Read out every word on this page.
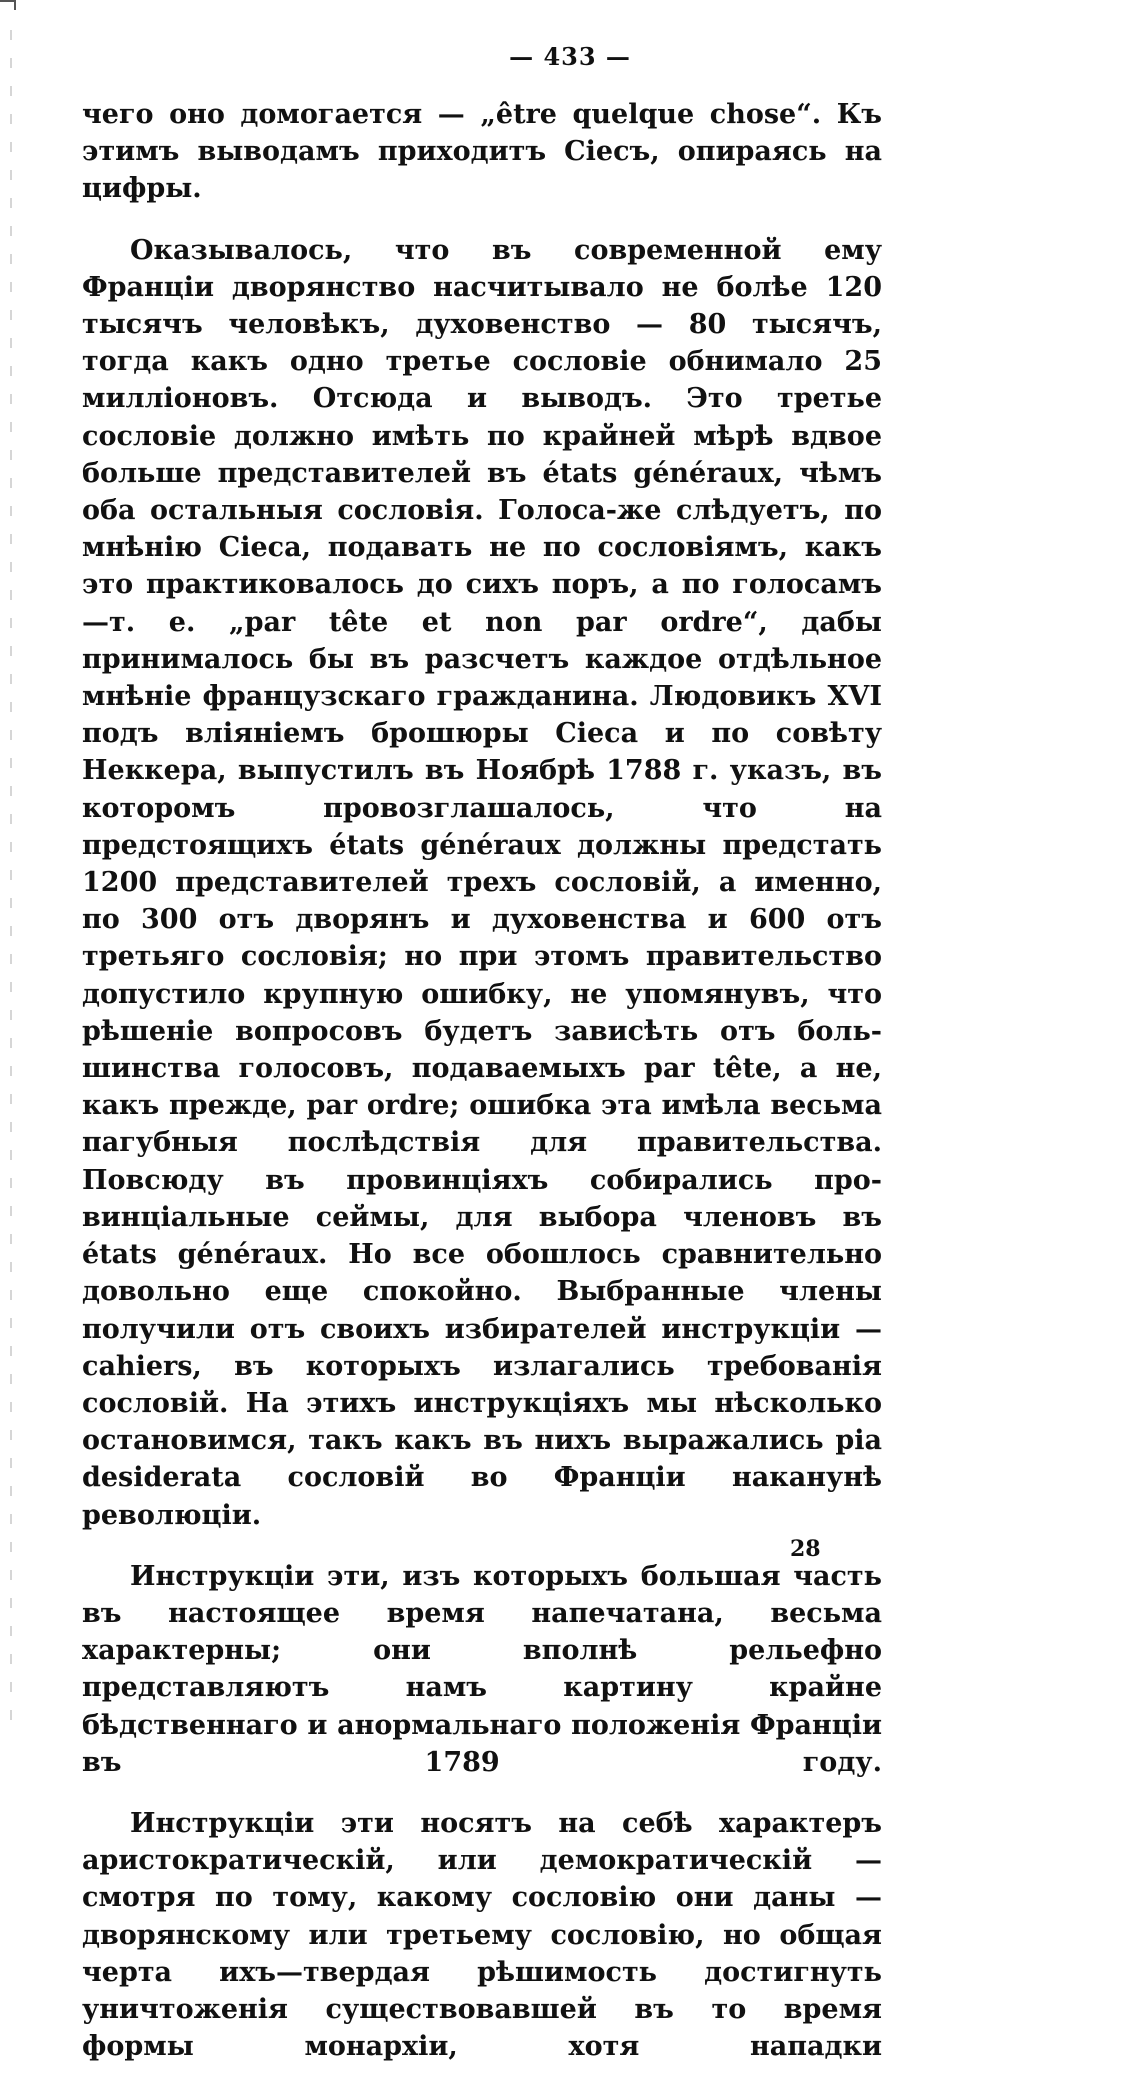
— 433 —

чего оно домогается — „être quelque chose“. Къ этимъ выводамъ приходитъ Сіесъ, опираясь на цифры.

Оказывалось, что въ современной ему Франціи дворянство насчитывало не болѣе 120 тысячъ человѣкъ, духовенство — 80 тысячъ, тогда какъ одно третье сословіе обнимало 25 милліоновъ. Отсюда и выводъ. Это третье сословіе должно имѣть по крайней мѣрѣ вдвое больше представителей въ états généraux, чѣмъ оба остальныя сословія. Голоса-же слѣдуетъ, по мнѣнію Сіеса, подавать не по сословіямъ, какъ это практиковалось до сихъ поръ, а по голосамъ—т. е. „par tête et non par ordre“, дабы принималось бы въ разсчетъ каждое отдѣльное мнѣніе французскаго гражданина. Людовикъ XVI подъ вліяніемъ брошюры Сіеса и по совѣту Неккера, выпустилъ въ Ноябрѣ 1788 г. указъ, въ которомъ провозглашалось, что на предстоящихъ états généraux должны предстать 1200 представителей трехъ сословій, а именно, по 300 отъ дворянъ и духовенства и 600 отъ третьяго сословія; но при этомъ правительство допустило крупную ошибку, не упомянувъ, что рѣшеніе вопросовъ будетъ зависѣть отъ большинства голосовъ, подаваемыхъ par tête, а не, какъ прежде, par ordre; ошибка эта имѣла весьма пагубныя послѣдствія для правительства. Повсюду въ провинціяхъ собирались провинціальные сеймы, для выбора членовъ въ états généraux. Но все обошлось сравнительно довольно еще спокойно. Выбранные члены получили отъ своихъ избирателей инструкціи — cahiers, въ которыхъ излагались требованія сословій. На этихъ инструкціяхъ мы нѣсколько остановимся, такъ какъ въ нихъ выражались pia desiderata сословій во Франціи наканунѣ революціи.

Инструкціи эти, изъ которыхъ большая часть въ настоящее время напечатана, весьма характерны; они вполнѣ рельефно представляютъ намъ картину крайне бѣдственнаго и анормальнаго положенія Франціи въ 1789 году.

Инструкціи эти носятъ на себѣ характеръ аристократическій, или демократическій — смотря по тому, какому сословію они даны — дворянскому или третьему сословію, но общая черта ихъ—твердая рѣшимость достигнуть уничтоженія существовавшей въ то время формы монархіи, хотя нападки

28
